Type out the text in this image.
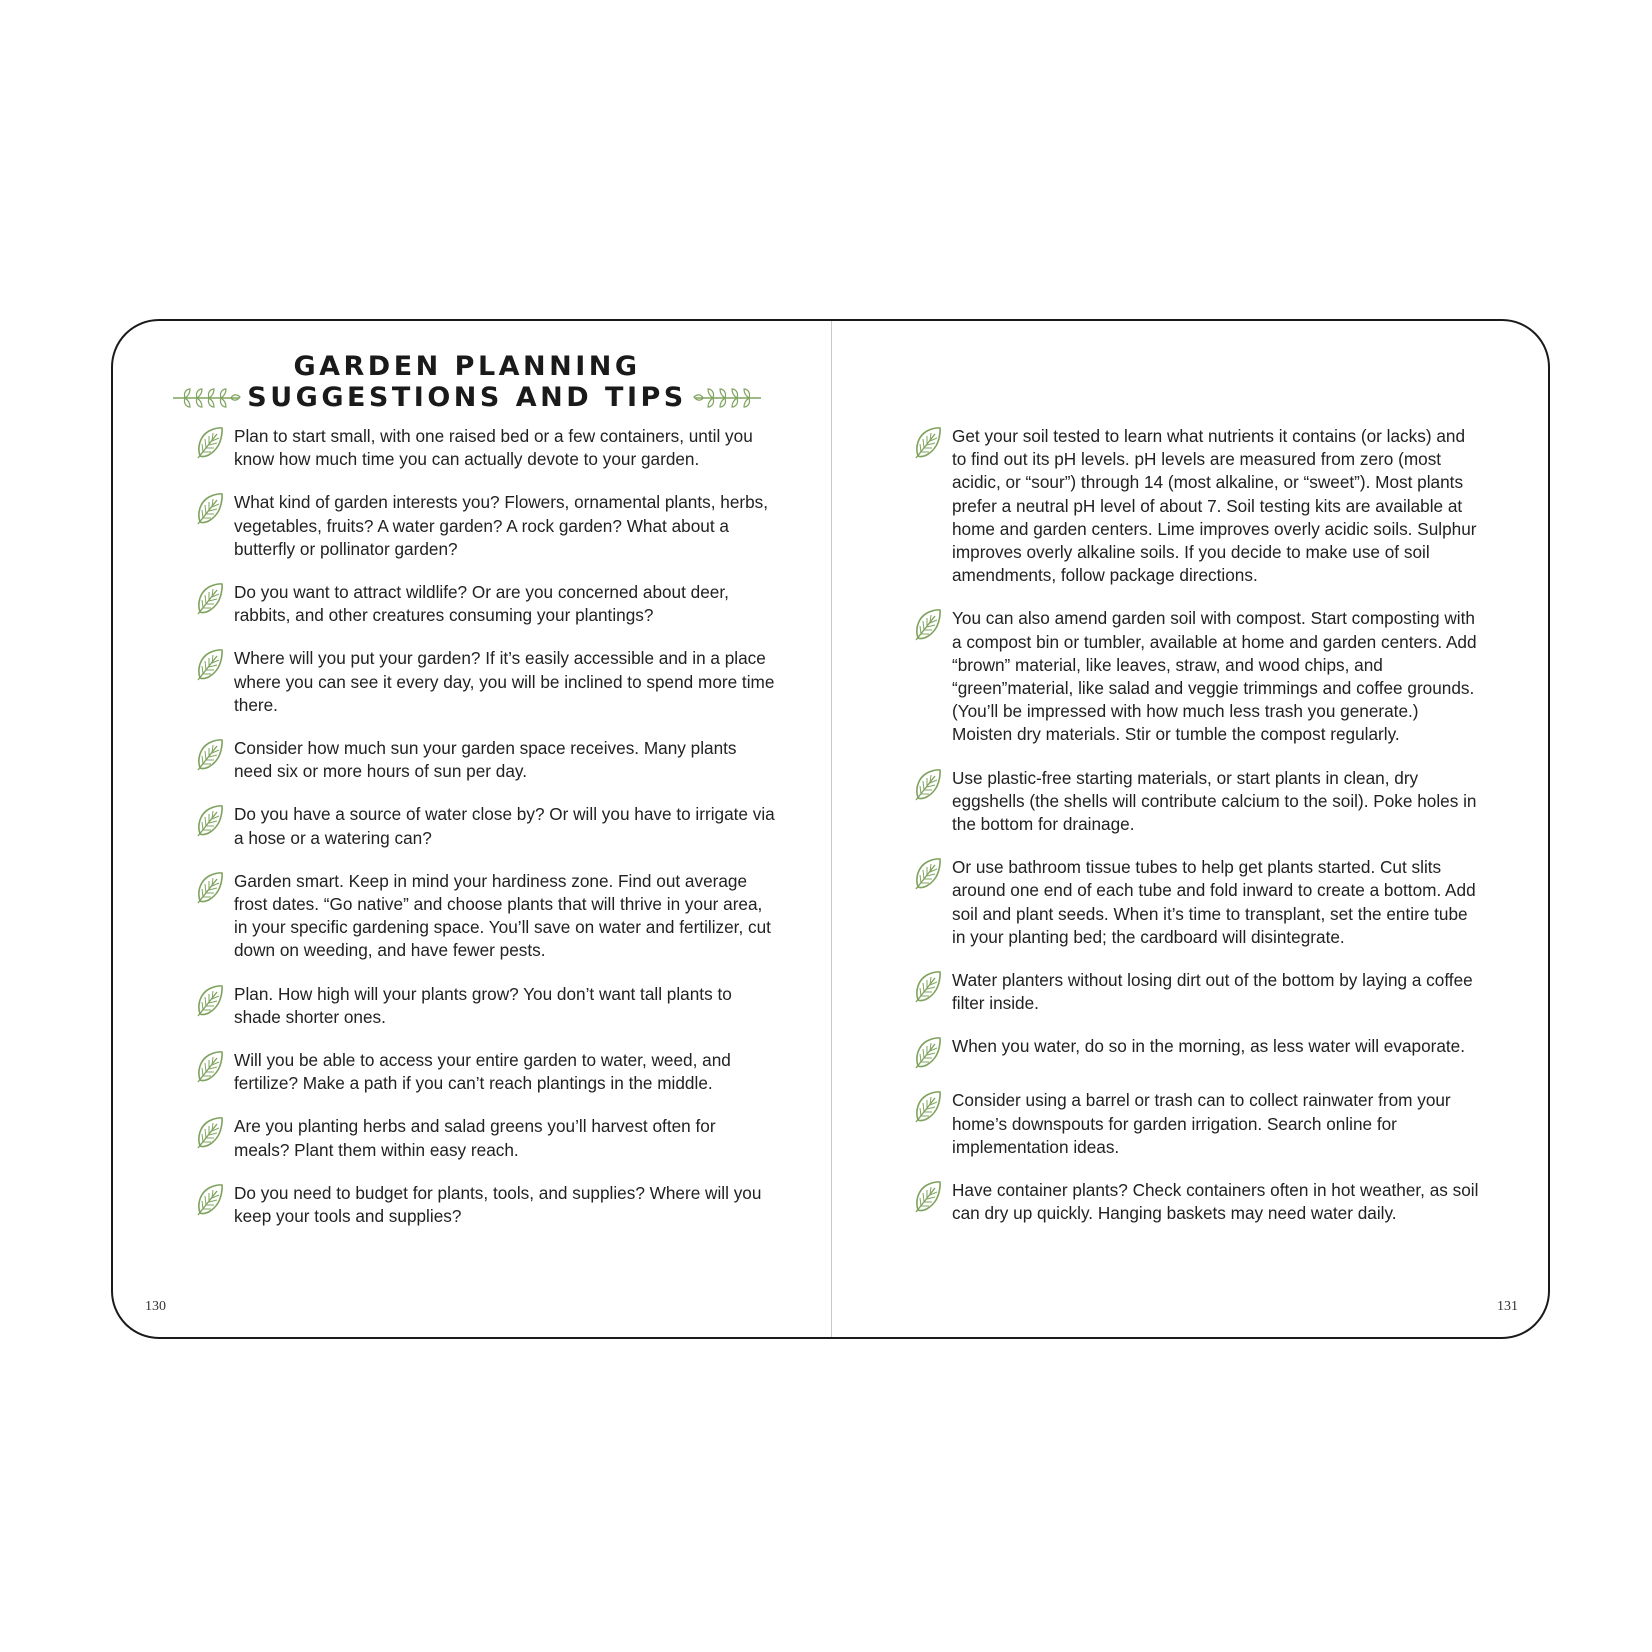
GARDEN PLANNING
SUGGESTIONS AND TIPS
Plan to start small, with one raised bed or a few containers, until you know how much time you can actually devote to your garden.
What kind of garden interests you? Flowers, ornamental plants, herbs, vegetables, fruits? A water garden? A rock garden? What about a butterfly or pollinator garden?
Do you want to attract wildlife? Or are you concerned about deer, rabbits, and other creatures consuming your plantings?
Where will you put your garden? If it’s easily accessible and in a place where you can see it every day, you will be inclined to spend more time there.
Consider how much sun your garden space receives. Many plants need six or more hours of sun per day.
Do you have a source of water close by? Or will you have to irrigate via a hose or a watering can?
Garden smart. Keep in mind your hardiness zone. Find out average frost dates. “Go native” and choose plants that will thrive in your area, in your specific gardening space. You’ll save on water and fertilizer, cut down on weeding, and have fewer pests.
Plan. How high will your plants grow? You don’t want tall plants to shade shorter ones.
Will you be able to access your entire garden to water, weed, and fertilize? Make a path if you can’t reach plantings in the middle.
Are you planting herbs and salad greens you’ll harvest often for meals? Plant them within easy reach.
Do you need to budget for plants, tools, and supplies? Where will you keep your tools and supplies?
130
Get your soil tested to learn what nutrients it contains (or lacks) and to find out its pH levels. pH levels are measured from zero (most acidic, or “sour”) through 14 (most alkaline, or “sweet”). Most plants prefer a neutral pH level of about 7. Soil testing kits are available at home and garden centers. Lime improves overly acidic soils. Sulphur improves overly alkaline soils. If you decide to make use of soil amendments, follow package directions.
You can also amend garden soil with compost. Start composting with a compost bin or tumbler, available at home and garden centers. Add “brown” material, like leaves, straw, and wood chips, and “green”material, like salad and veggie trimmings and coffee grounds. (You’ll be impressed with how much less trash you generate.) Moisten dry materials. Stir or tumble the compost regularly.
Use plastic-free starting materials, or start plants in clean, dry eggshells (the shells will contribute calcium to the soil). Poke holes in the bottom for drainage.
Or use bathroom tissue tubes to help get plants started. Cut slits around one end of each tube and fold inward to create a bottom. Add soil and plant seeds. When it’s time to transplant, set the entire tube in your planting bed; the cardboard will disintegrate.
Water planters without losing dirt out of the bottom by laying a coffee filter inside.
When you water, do so in the morning, as less water will evaporate.
Consider using a barrel or trash can to collect rainwater from your home’s downspouts for garden irrigation. Search online for implementation ideas.
Have container plants? Check containers often in hot weather, as soil can dry up quickly. Hanging baskets may need water daily.
131
